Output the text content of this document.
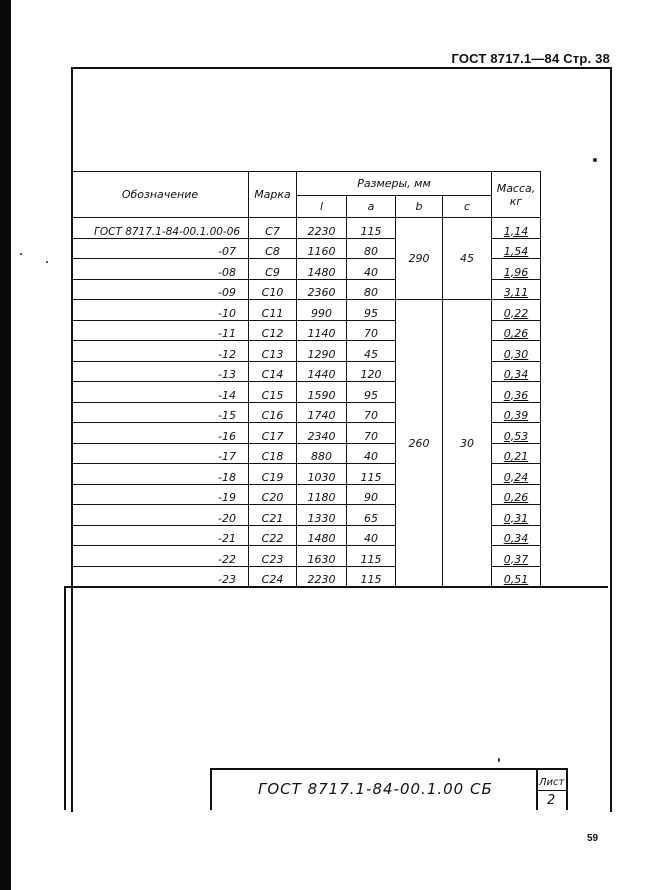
ГОСТ 8717.1—84 Стр. 38
Обозначение	Марка	Размеры, мм				Масса, кг
		l	a	b	c	
ГОСТ 8717.1-84-00.1.00-06	С7	2230	115	290	45	1,14
-07	С8	1160	80			1,54
-08	С9	1480	40			1,96
-09	С10	2360	80			3,11
-10	С11	990	95	260	30	0,22
-11	С12	1140	70			0,26
-12	С13	1290	45			0,30
-13	С14	1440	120			0,34
-14	С15	1590	95			0,36
-15	С16	1740	70			0,39
-16	С17	2340	70			0,53
-17	С18	880	40			0,21
-18	С19	1030	115			0,24
-19	С20	1180	90			0,26
-20	С21	1330	65			0,31
-21	С22	1480	40			0,34
-22	С23	1630	115			0,37
-23	С24	2230	115			0,51
ГОСТ 8717.1-84-00.1.00 СБ	Лист
2
59
